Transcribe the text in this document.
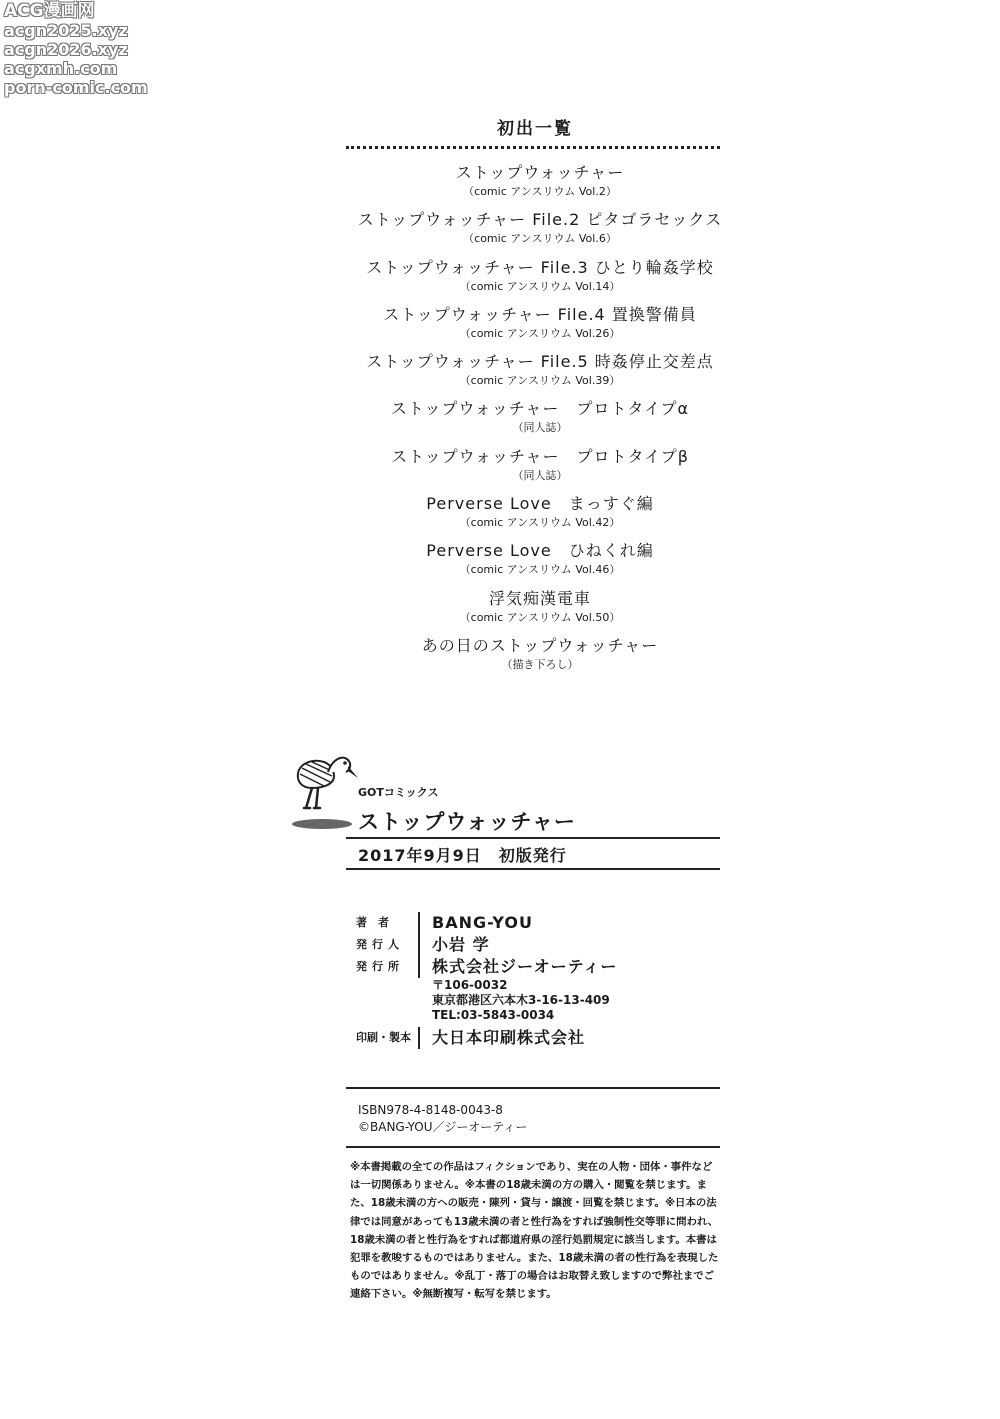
ACG漫画网
acgn2025.xyz
acgn2026.xyz
acgxmh.com
porn-comic.com
初出一覧
ストップウォッチャー
（comic アンスリウム Vol.2）
ストップウォッチャー File.2 ピタゴラセックス
（comic アンスリウム Vol.6）
ストップウォッチャー File.3 ひとり輪姦学校
（comic アンスリウム Vol.14）
ストップウォッチャー File.4 置換警備員
（comic アンスリウム Vol.26）
ストップウォッチャー File.5 時姦停止交差点
（comic アンスリウム Vol.39）
ストップウォッチャー　プロトタイプα
（同人誌）
ストップウォッチャー　プロトタイプβ
（同人誌）
Perverse Love　まっすぐ編
（comic アンスリウム Vol.42）
Perverse Love　ひねくれ編
（comic アンスリウム Vol.46）
浮気痴漢電車
（comic アンスリウム Vol.50）
あの日のストップウォッチャー
（描き下ろし）
GOTコミックス
ストップウォッチャー
2017年9月9日　初版発行
著者	BANG-YOU
発行人	小岩 学
発行所	株式会社ジーオーティー
〒106-0032
東京都港区六本木3-16-13-409
TEL:03-5843-0034
印刷・製本	大日本印刷株式会社
ISBN978-4-8148-0043-8
©BANG-YOU／ジーオーティー
※本書掲載の全ての作品はフィクションであり、実在の人物・団体・事件などは一切関係ありません。※本書の18歳未満の方の購入・閲覧を禁じます。また、18歳未満の方への販売・陳列・貸与・譲渡・回覧を禁じます。※日本の法律では同意があっても13歳未満の者と性行為をすれば強制性交等罪に問われ、18歳未満の者と性行為をすれば都道府県の淫行処罰規定に該当します。本書は犯罪を教唆するものではありません。また、18歳未満の者の性行為を表現したものではありません。※乱丁・落丁の場合はお取替え致しますので弊社までご連絡下さい。※無断複写・転写を禁じます。
